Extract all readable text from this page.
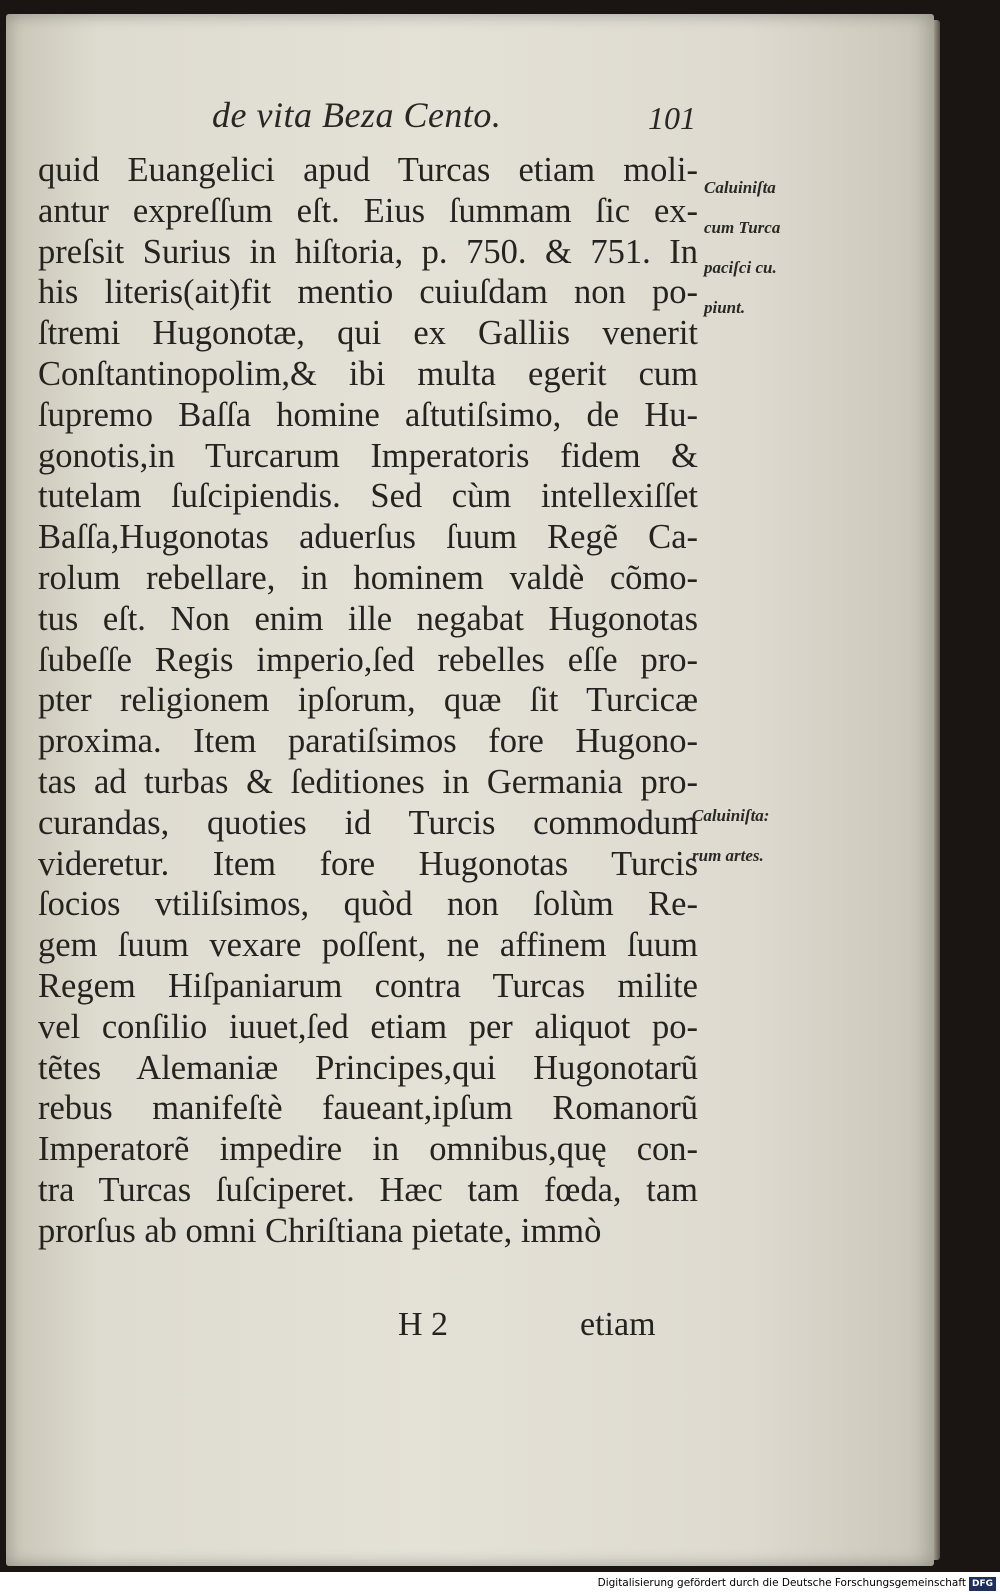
de vita Beza Cento.	101
quid Euangelici apud Turcas etiam moli-
antur expreſſum eſt. Eius ſummam ſic ex-
preſsit Surius in hiſtoria, p. 750. & 751. In
his literis(ait)fit mentio cuiuſdam non po-
ſtremi Hugonotæ, qui ex Galliis venerit
Conſtantinopolim,& ibi multa egerit cum
ſupremo Baſſa homine aſtutiſsimo, de Hu-
gonotis,in Turcarum Imperatoris fidem &
tutelam ſuſcipiendis. Sed cùm intellexiſſet
Baſſa,Hugonotas aduerſus ſuum Regẽ Ca-
rolum rebellare, in hominem valdè cõmo-
tus eſt. Non enim ille negabat Hugonotas
ſubeſſe Regis imperio,ſed rebelles eſſe pro-
pter religionem ipſorum, quæ ſit Turcicæ
proxima. Item paratiſsimos fore Hugono-
tas ad turbas & ſeditiones in Germania pro-
curandas, quoties id Turcis commodum
videretur. Item fore Hugonotas Turcis
ſocios vtiliſsimos, quòd non ſolùm Re-
gem ſuum vexare poſſent, ne affinem ſuum
Regem Hiſpaniarum contra Turcas milite
vel conſilio iuuet,ſed etiam per aliquot po-
tẽtes Alemaniæ Principes,qui Hugonotarũ
rebus manifeſtè faueant,ipſum Romanorũ
Imperatorẽ impedire in omnibus,quę con-
tra Turcas ſuſciperet. Hæc tam fœda, tam
prorſus ab omni Chriſtiana pietate, immò
Caluiniſta
cum Turca
paciſci cu.
piunt.
Caluiniſta:
rum artes.
H 2	etiam
Digitalisierung gefördert durch die Deutsche Forschungsgemeinschaft DFG
